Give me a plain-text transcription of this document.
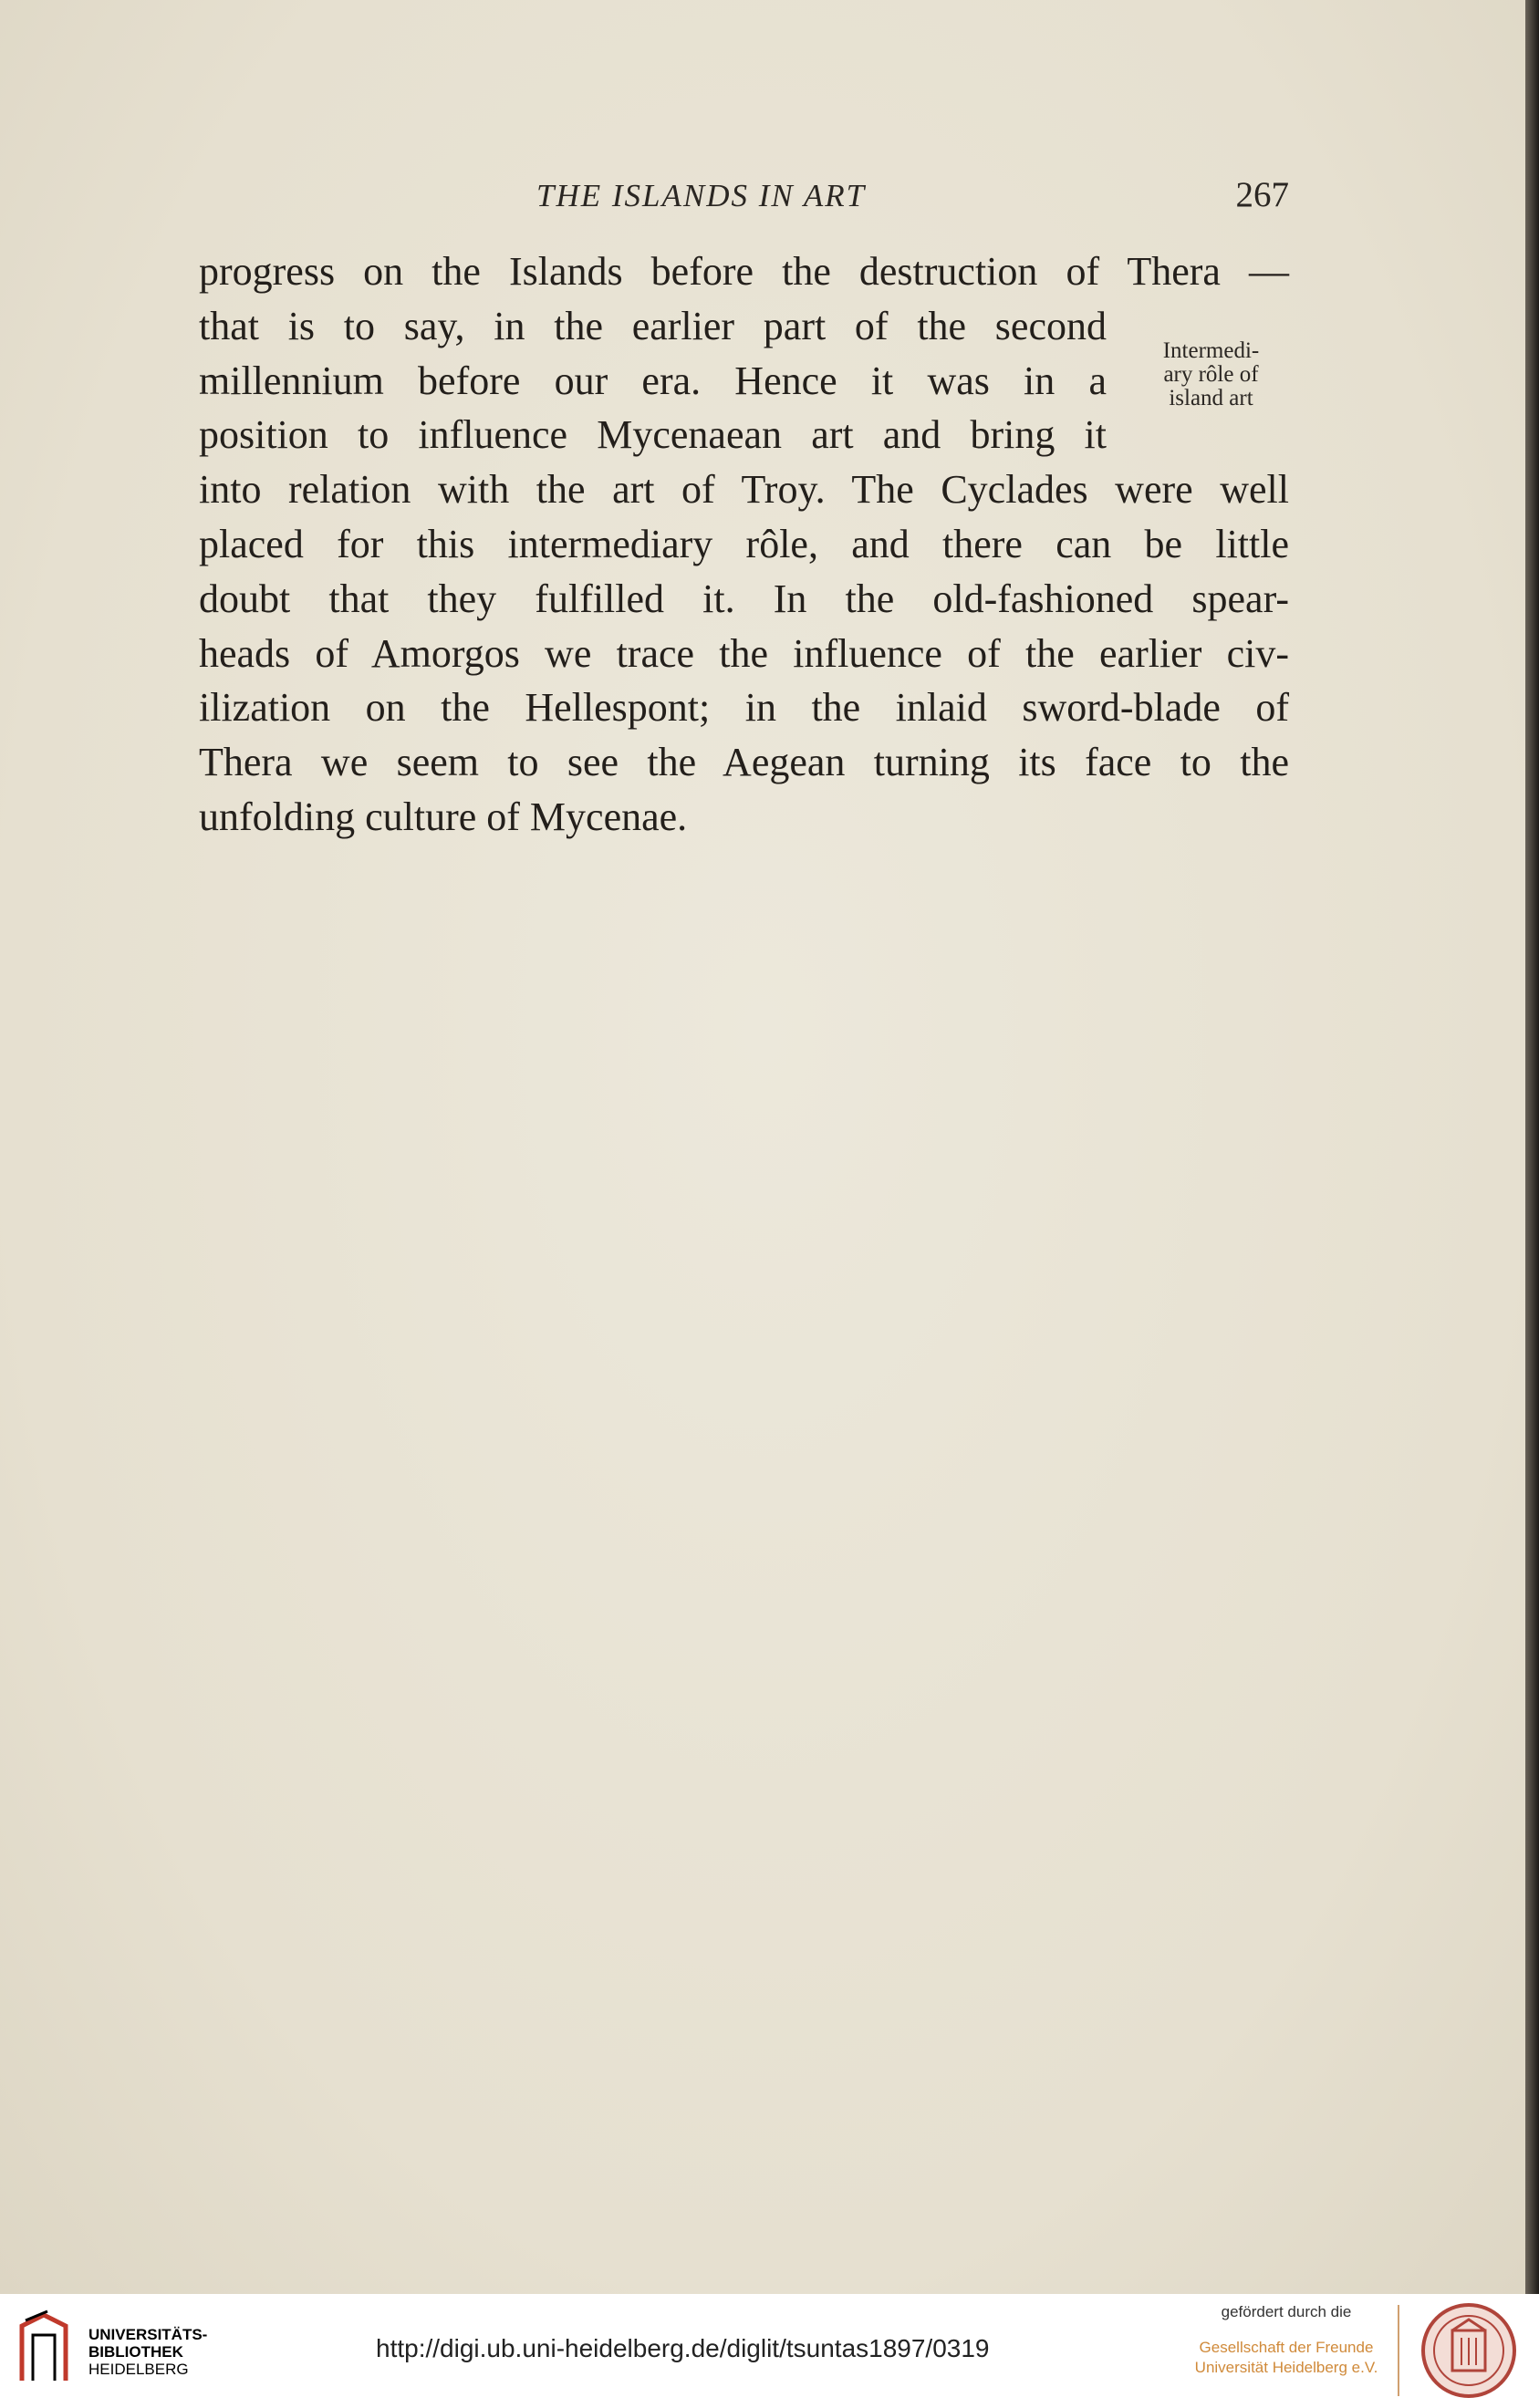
THE ISLANDS IN ART	267
progress on the Islands before the destruction of Thera —
that is to say, in the earlier part of the second
millennium before our era. Hence it was in a
position to influence Mycenaean art and bring it
into relation with the art of Troy. The Cyclades were well
placed for this intermediary rôle, and there can be little
doubt that they fulfilled it. In the old-fashioned spear-
heads of Amorgos we trace the influence of the earlier civ-
ilization on the Hellespont; in the inlaid sword-blade of
Thera we seem to see the Aegean turning its face to the
unfolding culture of Mycenae.
Intermedi-
ary rôle of
island art
UNIVERSITÄTS-
BIBLIOTHEK
HEIDELBERG
http://digi.ub.uni-heidelberg.de/diglit/tsuntas1897/0319
gefördert durch die
Gesellschaft der Freunde
Universität Heidelberg e.V.
